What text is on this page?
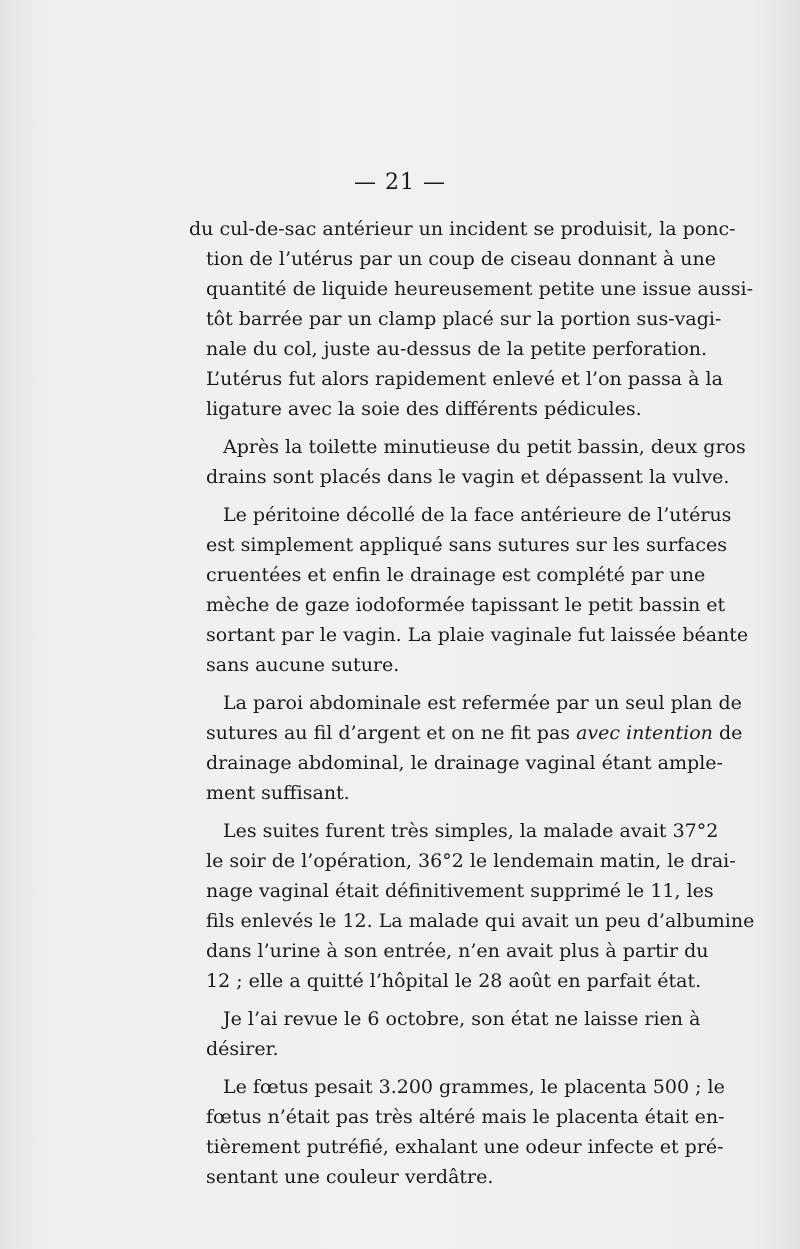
— 21 —

du cul-de-sac antérieur un incident se produisit, la ponc-
tion de l’utérus par un coup de ciseau donnant à une
quantité de liquide heureusement petite une issue aussi-
tôt barrée par un clamp placé sur la portion sus-vagi-
nale du col, juste au-dessus de la petite perforation.
L’utérus fut alors rapidement enlevé et l’on passa à la
ligature avec la soie des différents pédicules.

Après la toilette minutieuse du petit bassin, deux gros
drains sont placés dans le vagin et dépassent la vulve.

Le péritoine décollé de la face antérieure de l’utérus
est simplement appliqué sans sutures sur les surfaces
cruentées et enfin le drainage est complété par une
mèche de gaze iodoformée tapissant le petit bassin et
sortant par le vagin. La plaie vaginale fut laissée béante
sans aucune suture.

La paroi abdominale est refermée par un seul plan de
sutures au fil d’argent et on ne fit pas avec intention de
drainage abdominal, le drainage vaginal étant ample-
ment suffisant.

Les suites furent très simples, la malade avait 37°2
le soir de l’opération, 36°2 le lendemain matin, le drai-
nage vaginal était définitivement supprimé le 11, les
fils enlevés le 12. La malade qui avait un peu d’albumine
dans l’urine à son entrée, n’en avait plus à partir du
12 ; elle a quitté l’hôpital le 28 août en parfait état.

Je l’ai revue le 6 octobre, son état ne laisse rien à
désirer.

Le fœtus pesait 3.200 grammes, le placenta 500 ; le
fœtus n’était pas très altéré mais le placenta était en-
tièrement putréfié, exhalant une odeur infecte et pré-
sentant une couleur verdâtre.
